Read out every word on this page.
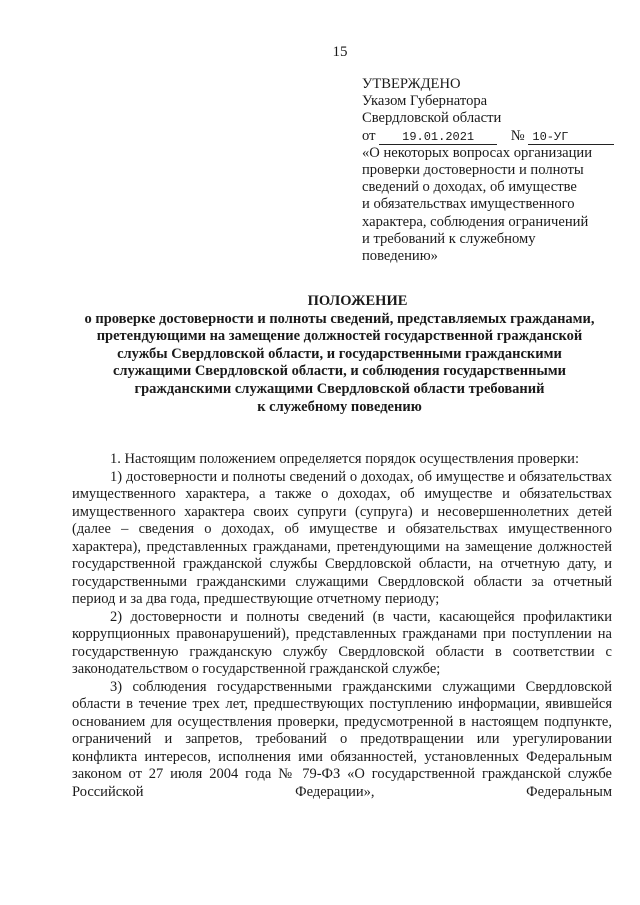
15
УТВЕРЖДЕНО
Указом Губернатора
Свердловской области
от 19.01.2021	№ 10-УГ
«О некоторых вопросах организации
проверки достоверности и полноты
сведений о доходах, об имуществе
и обязательствах имущественного
характера, соблюдения ограничений
и требований к служебному
поведению»
ПОЛОЖЕНИЕ
о проверке достоверности и полноты сведений, представляемых гражданами,
претендующими на замещение должностей государственной гражданской
службы Свердловской области, и государственными гражданскими
служащими Свердловской области, и соблюдения государственными
гражданскими служащими Свердловской области требований
к служебному поведению

1. Настоящим положением определяется порядок осуществления проверки:

1) достоверности и полноты сведений о доходах, об имуществе и обязательствах имущественного характера, а также о доходах, об имуществе и обязательствах имущественного характера своих супруги (супруга) и несовершеннолетних детей (далее – сведения о доходах, об имуществе и обязательствах имущественного характера), представленных гражданами, претендующими на замещение должностей государственной гражданской службы Свердловской области, на отчетную дату, и государственными гражданскими служащими Свердловской области за отчетный период и за два года, предшествующие отчетному периоду;

2) достоверности и полноты сведений (в части, касающейся профилактики коррупционных правонарушений), представленных гражданами при поступлении на государственную гражданскую службу Свердловской области в соответствии с законодательством о государственной гражданской службе;

3) соблюдения государственными гражданскими служащими Свердловской области в течение трех лет, предшествующих поступлению информации, явившейся основанием для осуществления проверки, предусмотренной в настоящем подпункте, ограничений и запретов, требований о предотвращении или урегулировании конфликта интересов, исполнения ими обязанностей, установленных Федеральным законом от 27 июля 2004 года № 79-ФЗ «О государственной гражданской службе Российской Федерации», Федеральным
